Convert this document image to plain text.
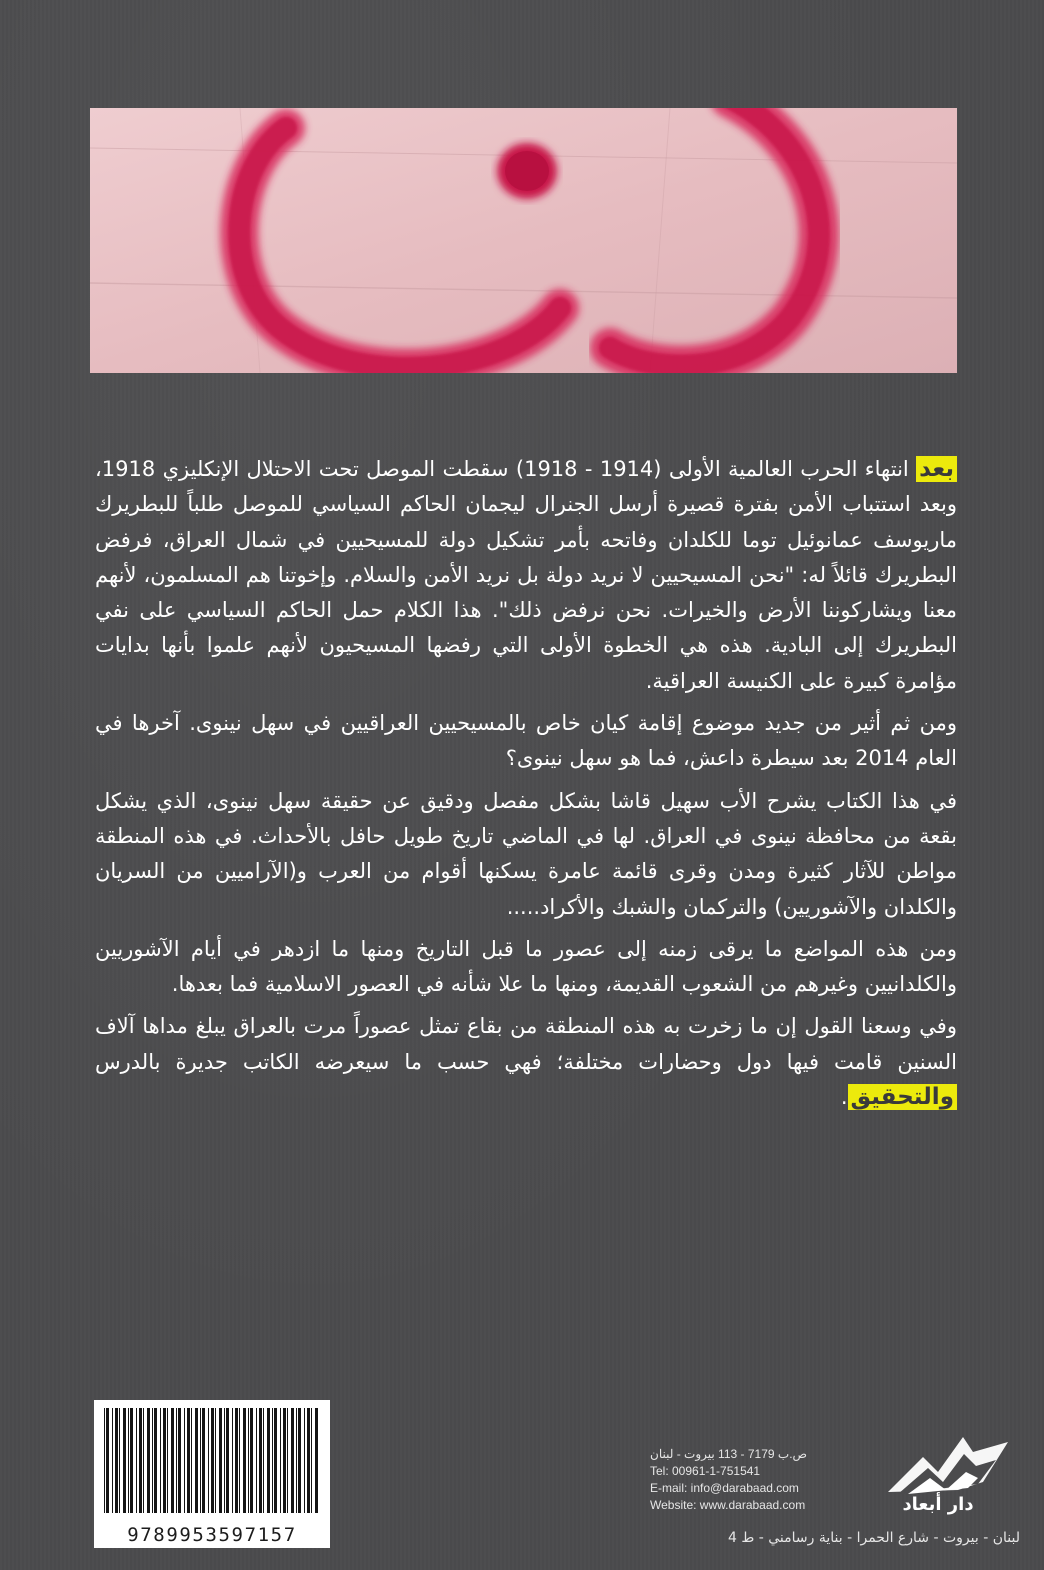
بعد انتهاء الحرب العالمية الأولى (1914 - 1918) سقطت الموصل تحت الاحتلال الإنكليزي 1918، وبعد استتباب الأمن بفترة قصيرة أرسل الجنرال ليجمان الحاكم السياسي للموصل طلباً للبطريرك ماريوسف عمانوئيل توما للكلدان وفاتحه بأمر تشكيل دولة للمسيحيين في شمال العراق، فرفض البطريرك قائلاً له: "نحن المسيحيين لا نريد دولة بل نريد الأمن والسلام. وإخوتنا هم المسلمون، لأنهم معنا ويشاركوننا الأرض والخيرات. نحن نرفض ذلك". هذا الكلام حمل الحاكم السياسي على نفي البطريرك إلى البادية. هذه هي الخطوة الأولى التي رفضها المسيحيون لأنهم علموا بأنها بدايات مؤامرة كبيرة على الكنيسة العراقية.

ومن ثم أثير من جديد موضوع إقامة كيان خاص بالمسيحيين العراقيين في سهل نينوى. آخرها في العام 2014 بعد سيطرة داعش، فما هو سهل نينوى؟

في هذا الكتاب يشرح الأب سهيل قاشا بشكل مفصل ودقيق عن حقيقة سهل نينوى، الذي يشكل بقعة من محافظة نينوى في العراق. لها في الماضي تاريخ طويل حافل بالأحداث. في هذه المنطقة مواطن للآثار كثيرة ومدن وقرى قائمة عامرة يسكنها أقوام من العرب و(الآراميين من السريان والكلدان والآشوريين) والتركمان والشبك والأكراد.....

ومن هذه المواضع ما يرقى زمنه إلى عصور ما قبل التاريخ ومنها ما ازدهر في أيام الآشوريين والكلدانيين وغيرهم من الشعوب القديمة، ومنها ما علا شأنه في العصور الاسلامية فما بعدها.

وفي وسعنا القول إن ما زخرت به هذه المنطقة من بقاع تمثل عصوراً مرت بالعراق يبلغ مداها آلاف السنين قامت فيها دول وحضارات مختلفة؛ فهي حسب ما سيعرضه الكاتب جديرة بالدرس والتحقيق.

9789953597157
ص.ب 7179 - 113 بيروت - لبنان
Tel: 00961-1-751541
E-mail: info@darabaad.com
Website: www.darabaad.com
لبنان - بيروت - شارع الحمرا - بناية رسامني - ط 4
دار أبعاد
